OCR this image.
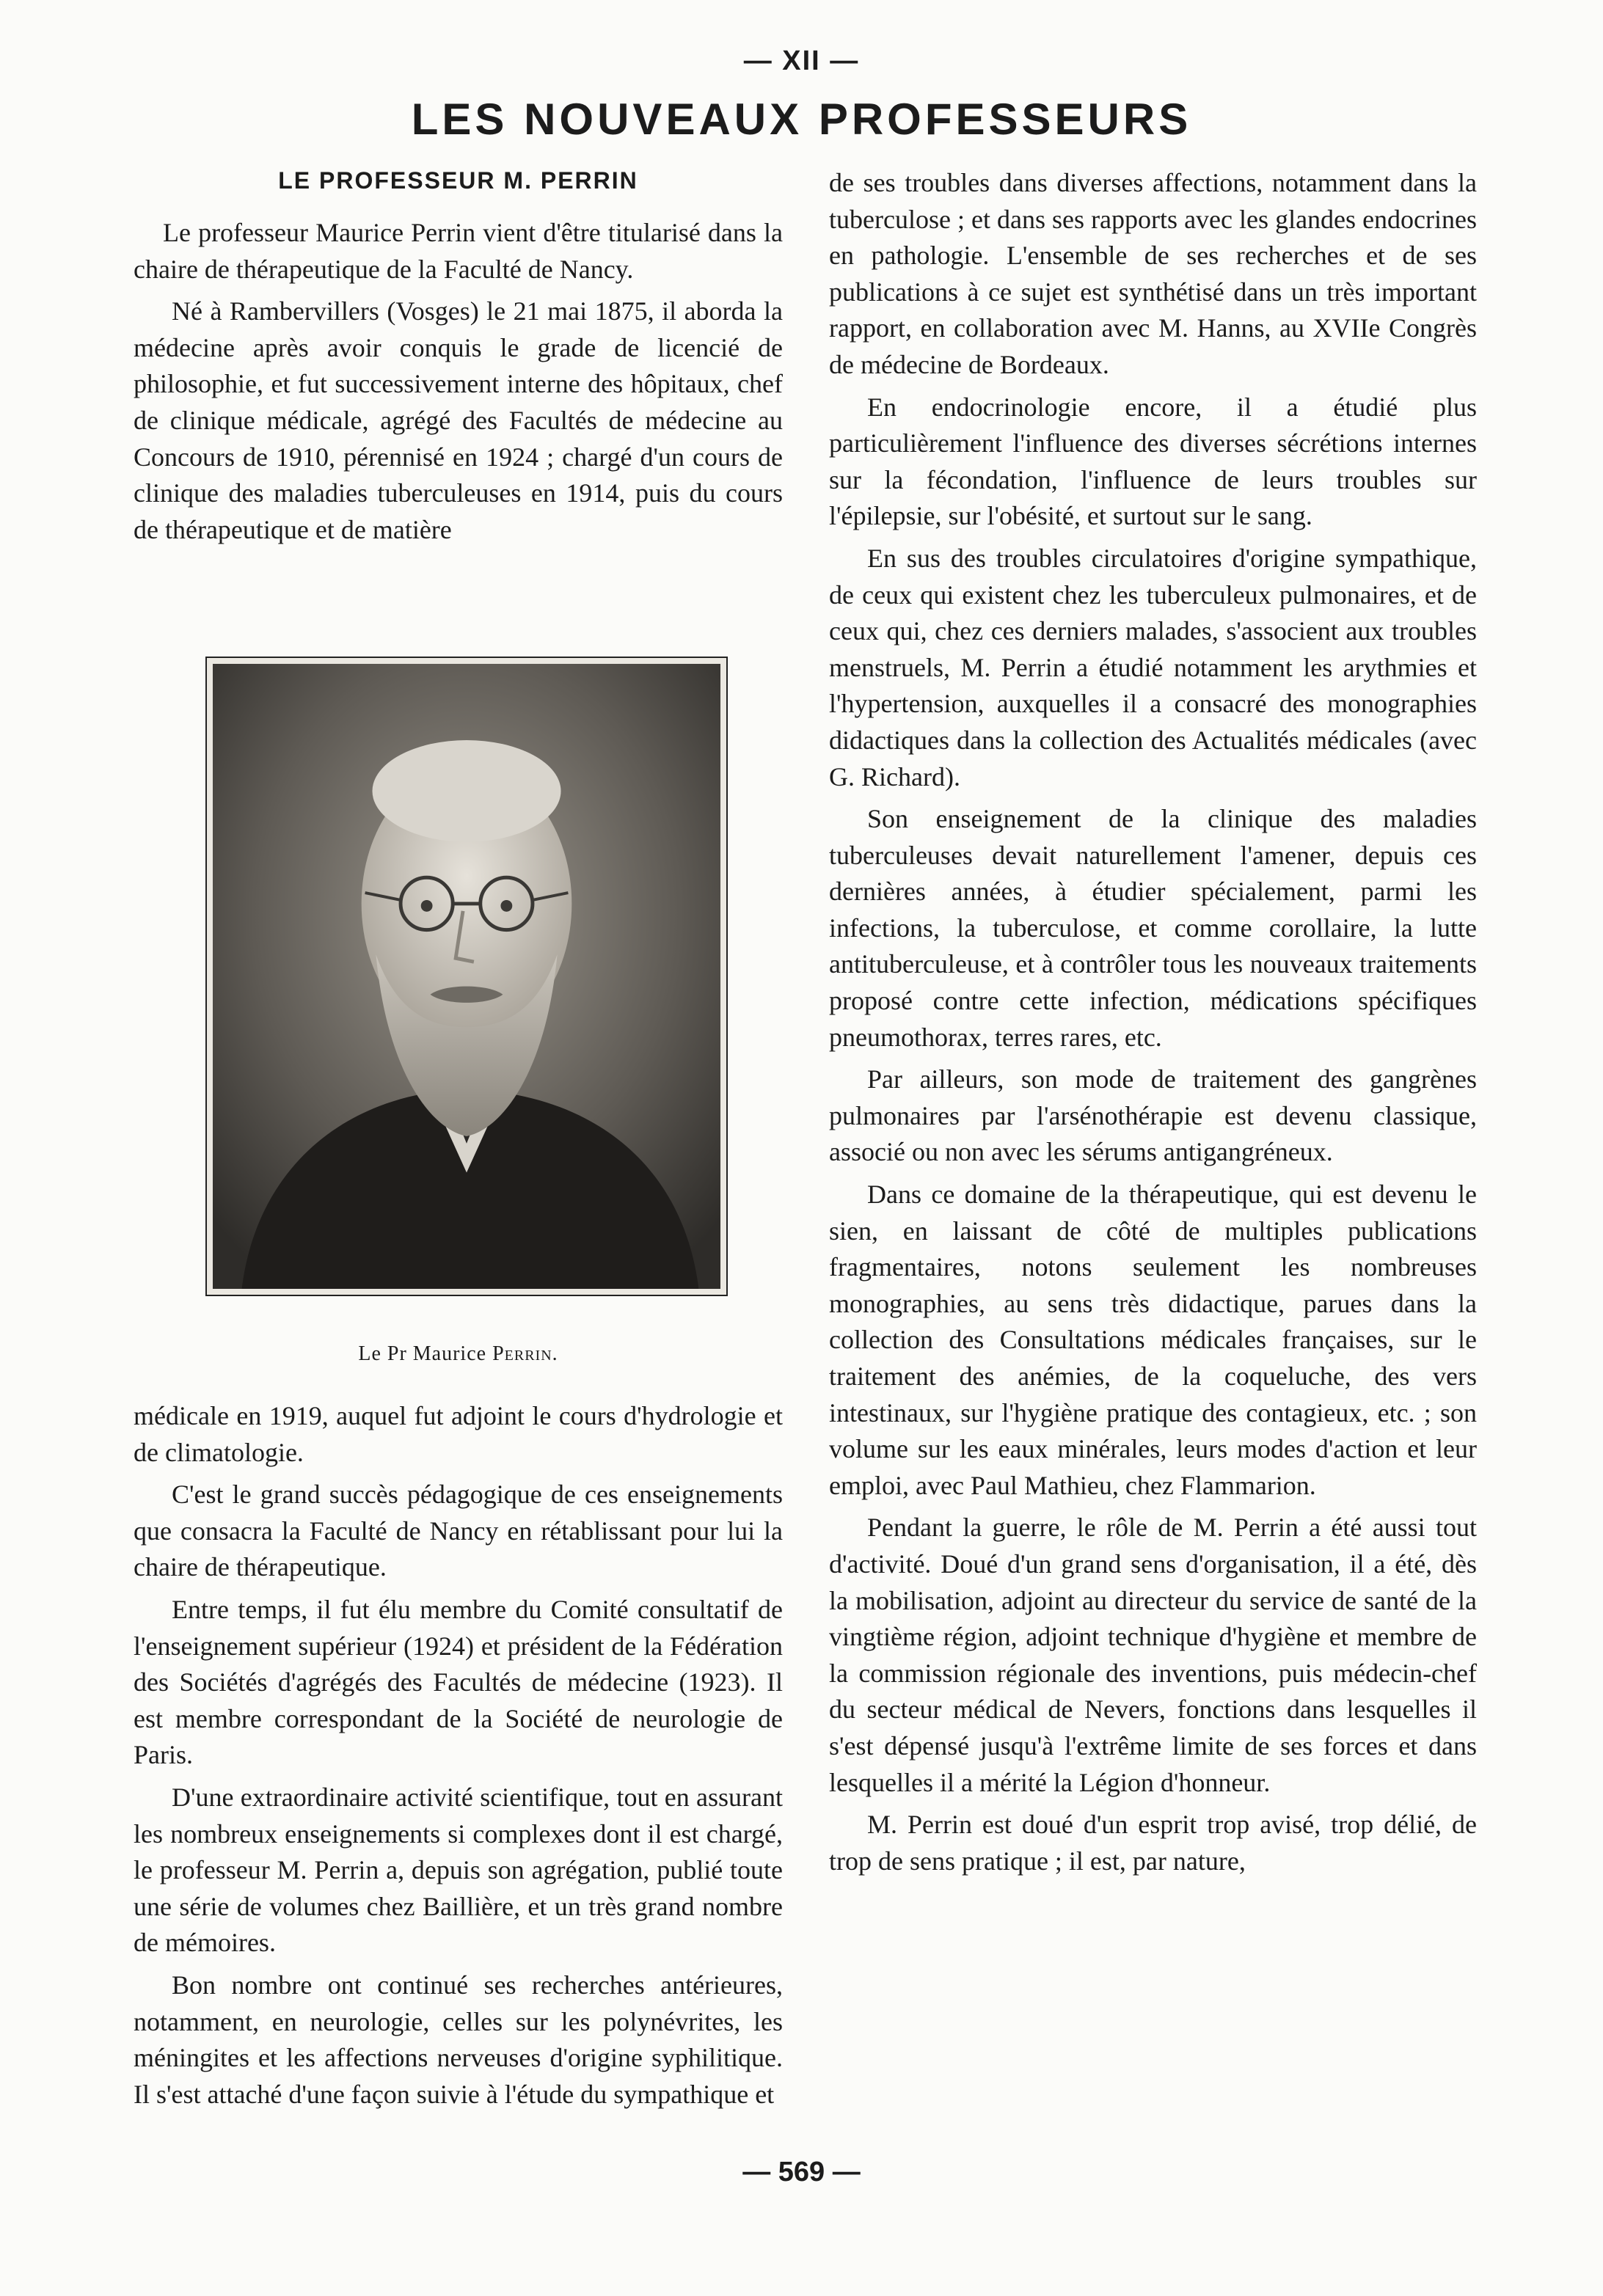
— XII —
LES NOUVEAUX PROFESSEURS
LE PROFESSEUR M. PERRIN

Le professeur Maurice Perrin vient d'être titularisé dans la chaire de thérapeutique de la Faculté de Nancy.

Né à Rambervillers (Vosges) le 21 mai 1875, il aborda la médecine après avoir conquis le grade de licencié de philosophie, et fut successivement interne des hôpitaux, chef de clinique médicale, agrégé des Facultés de médecine au Concours de 1910, pérennisé en 1924 ; chargé d'un cours de clinique des maladies tuberculeuses en 1914, puis du cours de thérapeutique et de matière

Le Pr Maurice Perrin.

médicale en 1919, auquel fut adjoint le cours d'hydrologie et de climatologie.

C'est le grand succès pédagogique de ces enseignements que consacra la Faculté de Nancy en rétablissant pour lui la chaire de thérapeutique.

Entre temps, il fut élu membre du Comité consultatif de l'enseignement supérieur (1924) et président de la Fédération des Sociétés d'agrégés des Facultés de médecine (1923). Il est membre correspondant de la Société de neurologie de Paris.

D'une extraordinaire activité scientifique, tout en assurant les nombreux enseignements si complexes dont il est chargé, le professeur M. Perrin a, depuis son agrégation, publié toute une série de volumes chez Baillière, et un très grand nombre de mémoires.

Bon nombre ont continué ses recherches antérieures, notamment, en neurologie, celles sur les polynévrites, les méningites et les affections nerveuses d'origine syphilitique. Il s'est attaché d'une façon suivie à l'étude du sympathique et

de ses troubles dans diverses affections, notamment dans la tuberculose ; et dans ses rapports avec les glandes endocrines en pathologie. L'ensemble de ses recherches et de ses publications à ce sujet est synthétisé dans un très important rapport, en collaboration avec M. Hanns, au XVIIe Congrès de médecine de Bordeaux.

En endocrinologie encore, il a étudié plus particulièrement l'influence des diverses sécrétions internes sur la fécondation, l'influence de leurs troubles sur l'épilepsie, sur l'obésité, et surtout sur le sang.

En sus des troubles circulatoires d'origine sympathique, de ceux qui existent chez les tuberculeux pulmonaires, et de ceux qui, chez ces derniers malades, s'associent aux troubles menstruels, M. Perrin a étudié notamment les arythmies et l'hypertension, auxquelles il a consacré des monographies didactiques dans la collection des Actualités médicales (avec G. Richard).

Son enseignement de la clinique des maladies tuberculeuses devait naturellement l'amener, depuis ces dernières années, à étudier spécialement, parmi les infections, la tuberculose, et comme corollaire, la lutte antituberculeuse, et à contrôler tous les nouveaux traitements proposé contre cette infection, médications spécifiques pneumothorax, terres rares, etc.

Par ailleurs, son mode de traitement des gangrènes pulmonaires par l'arsénothérapie est devenu classique, associé ou non avec les sérums antigangréneux.

Dans ce domaine de la thérapeutique, qui est devenu le sien, en laissant de côté de multiples publications fragmentaires, notons seulement les nombreuses monographies, au sens très didactique, parues dans la collection des Consultations médicales françaises, sur le traitement des anémies, de la coqueluche, des vers intestinaux, sur l'hygiène pratique des contagieux, etc. ; son volume sur les eaux minérales, leurs modes d'action et leur emploi, avec Paul Mathieu, chez Flammarion.

Pendant la guerre, le rôle de M. Perrin a été aussi tout d'activité. Doué d'un grand sens d'organisation, il a été, dès la mobilisation, adjoint au directeur du service de santé de la vingtième région, adjoint technique d'hygiène et membre de la commission régionale des inventions, puis médecin-chef du secteur médical de Nevers, fonctions dans lesquelles il s'est dépensé jusqu'à l'extrême limite de ses forces et dans lesquelles il a mérité la Légion d'honneur.

M. Perrin est doué d'un esprit trop avisé, trop délié, de trop de sens pratique ; il est, par nature,

— 569 —
